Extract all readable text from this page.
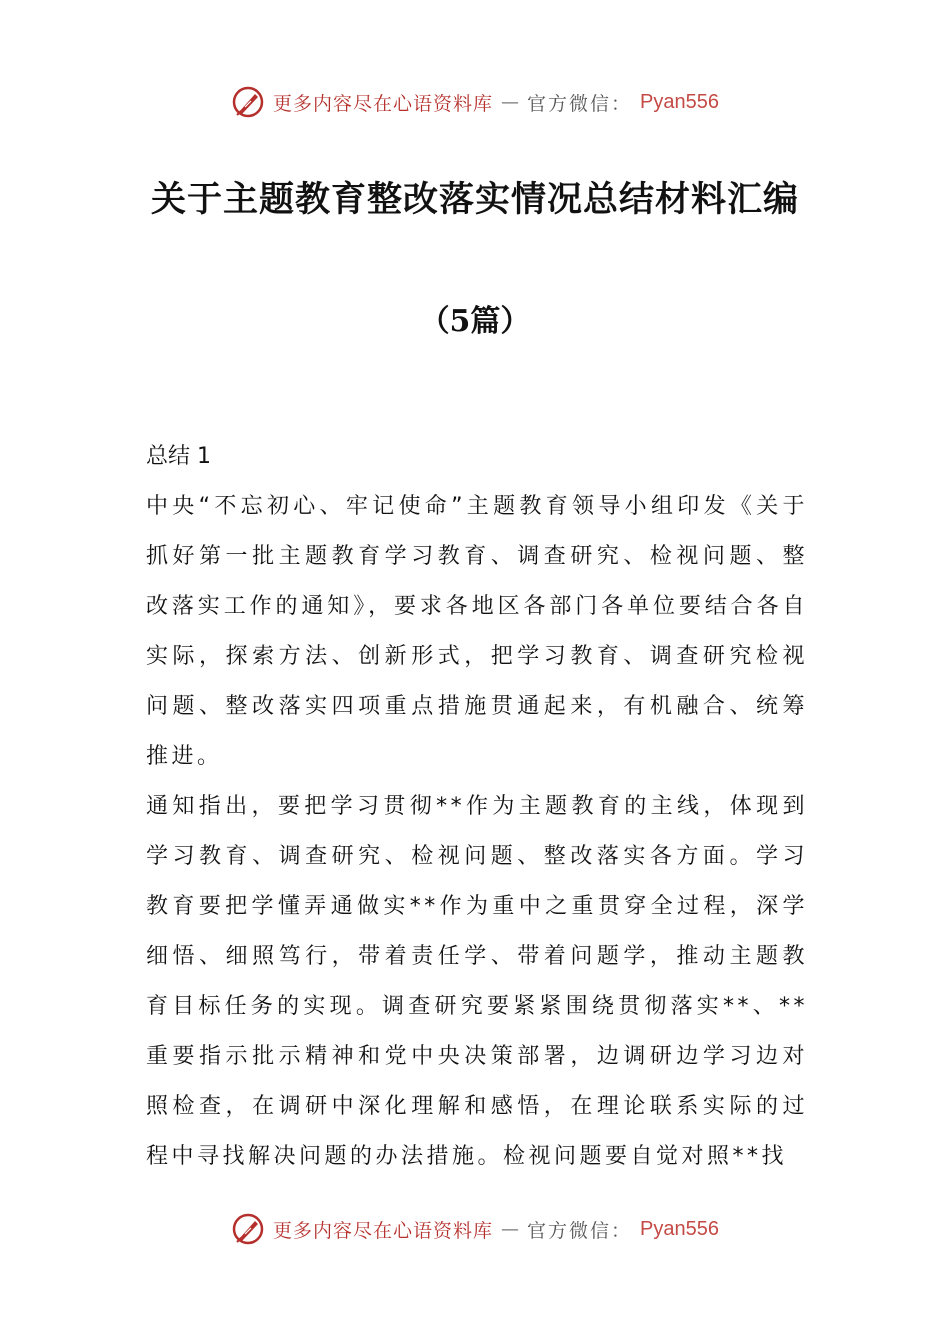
更多内容尽在心语资料库 — 官方微信： Pyan556
关于主题教育整改落实情况总结材料汇编
（5篇）

总结 1

中央“不忘初心、牢记使命”主题教育领导小组印发《关于抓好第一批主题教育学习教育、调查研究、检视问题、整改落实工作的通知》，要求各地区各部门各单位要结合各自实际，探索方法、创新形式，把学习教育、调查研究检视问题、整改落实四项重点措施贯通起来，有机融合、统筹推进。

通知指出，要把学习贯彻**作为主题教育的主线，体现到学习教育、调查研究、检视问题、整改落实各方面。学习教育要把学懂弄通做实**作为重中之重贯穿全过程，深学细悟、细照笃行，带着责任学、带着问题学，推动主题教育目标任务的实现。调查研究要紧紧围绕贯彻落实**、**重要指示批示精神和党中央决策部署，边调研边学习边对照检查，在调研中深化理解和感悟，在理论联系实际的过程中寻找解决问题的办法措施。检视问题要自觉对照**找

更多内容尽在心语资料库 — 官方微信： Pyan556
